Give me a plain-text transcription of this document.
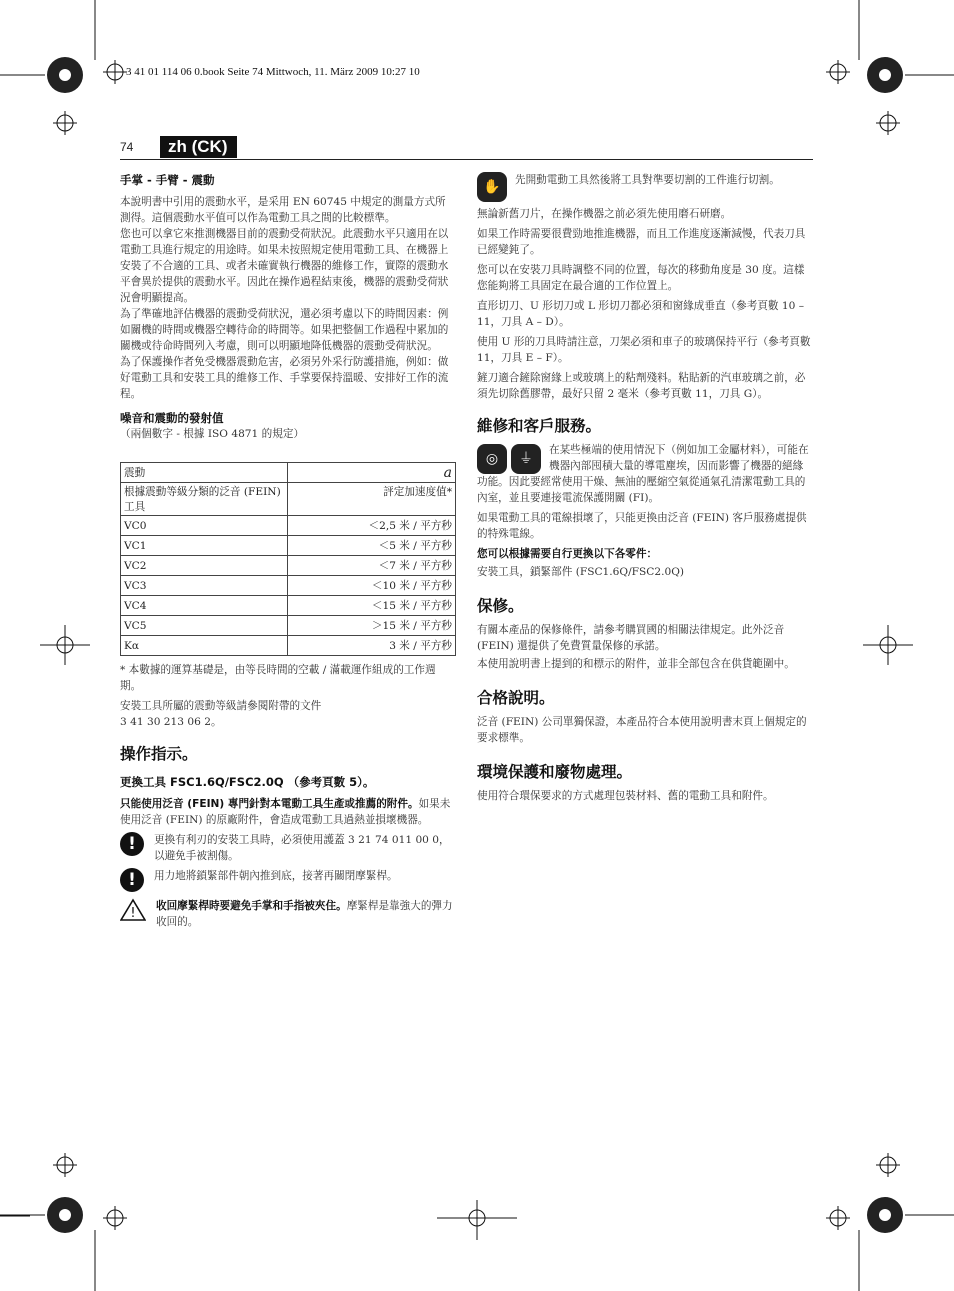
3 41 01 114 06 0.book Seite 74 Mittwoch, 11. März 2009 10:27 10
74	zh (CK)
手掌 - 手臂 - 震動
本說明書中引用的震動水平，是采用 EN 60745 中規定的測量方式所測得。這個震動水平值可以作為電動工具之間的比較標準。
您也可以拿它來推測機器目前的震動受荷狀況。此震動水平只適用在以電動工具進行規定的用途時。如果未按照規定使用電動工具、在機器上安裝了不合適的工具、或者未確實執行機器的維修工作，實際的震動水平會異於提供的震動水平。因此在操作過程結束後，機器的震動受荷狀況會明顯提高。
為了準確地評估機器的震動受荷狀況，還必須考慮以下的時間因素：例如關機的時間或機器空轉待命的時間等。如果把整個工作過程中累加的關機或待命時間列入考慮，則可以明顯地降低機器的震動受荷狀況。
為了保護操作者免受機器震動危害，必須另外采行防護措施，例如：做好電動工具和安裝工具的維修工作、手掌要保持溫暖、安排好工作的流程。
噪音和震動的發射值
（兩個數字 - 根據 ISO 4871 的規定）
震動	a
根據震動等級分類的泛音 (FEIN) 工具	評定加速度值*
VC0	＜2,5 米 / 平方秒
VC1	＜5 米 / 平方秒
VC2	＜7 米 / 平方秒
VC3	＜10 米 / 平方秒
VC4	＜15 米 / 平方秒
VC5	＞15 米 / 平方秒
Kα	3 米 / 平方秒
* 本數據的運算基礎是，由等長時間的空載 / 滿載運作組成的工作週期。
安裝工具所屬的震動等級請參閱附帶的文件
3 41 30 213 06 2。
操作指示。
更換工具 FSC1.6Q/FSC2.0Q （參考頁數 5）。
只能使用泛音 (FEIN) 專門針對本電動工具生產或推薦的附件。如果未使用泛音 (FEIN) 的原廠附件，會造成電動工具過熱並損壞機器。
!	更換有利刃的安裝工具時，必須使用護蓋 3 21 74 011 00 0，以避免手被割傷。
!	用力地將鎖緊部件朝內推到底，接著再關閉摩緊桿。
! 收回摩緊桿時要避免手掌和手指被夾住。摩緊桿是靠強大的彈力收回的。
✋	先開動電動工具然後將工具對準要切割的工件進行切割。
無論新舊刀片，在操作機器之前必須先使用磨石研磨。
如果工作時需要很費勁地推進機器，而且工作進度逐漸減慢，代表刀具已經變鈍了。
您可以在安裝刀具時調整不同的位置，每次的移動角度是 30 度。這樣您能夠將工具固定在最合適的工作位置上。
直形切刀、U 形切刀或 L 形切刀都必須和窗緣成垂直（參考頁數 10 – 11，刀具 A – D）。
使用 U 形的刀具時請注意，刀架必須和車子的玻璃保持平行（參考頁數 11，刀具 E – F）。
鏟刀適合鏟除窗緣上或玻璃上的粘劑殘料。粘貼新的汽車玻璃之前，必須先切除舊膠帶，最好只留 2 毫米（參考頁數 11，刀具 G）。
維修和客戶服務。
◎	⏚
在某些極端的使用情況下（例如加工金屬材料），可能在機器內部囤積大量的導電塵埃，因而影響了機器的絕緣功能。因此要經常使用干燥、無油的壓縮空氣從通氣孔清潔電動工具的內室，並且要連接電流保護開關 (FI)。
如果電動工具的電線損壞了，只能更換由泛音 (FEIN) 客戶服務處提供的特殊電線。
您可以根據需要自行更換以下各零件：
安裝工具，鎖緊部件 (FSC1.6Q/FSC2.0Q)
保修。
有關本產品的保修條件，請參考購買國的相關法律規定。此外泛音 (FEIN) 還提供了免費質量保修的承諾。
本使用說明書上提到的和標示的附件，並非全部包含在供貨範圍中。
合格說明。
泛音 (FEIN) 公司單獨保證，本產品符合本使用說明書末頁上個規定的要求標準。
環境保護和廢物處理。
使用符合環保要求的方式處理包裝材料、舊的電動工具和附件。
